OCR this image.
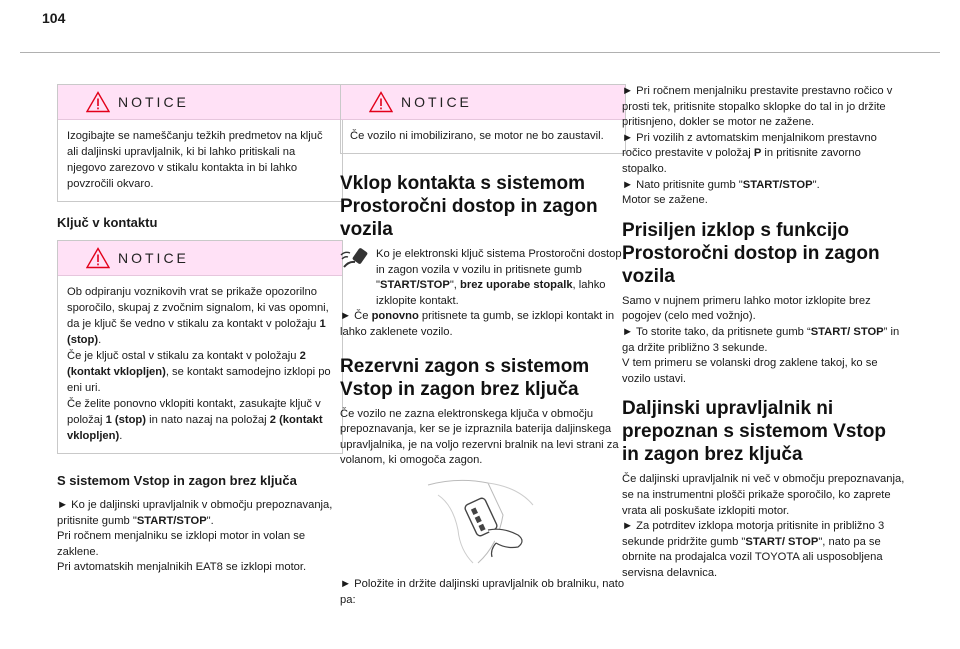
104
NOTICE
Izogibajte se nameščanju težkih predmetov na ključ ali daljinski upravljalnik, ki bi lahko pritiskali na njegovo zarezovo v stikalu kontakta in bi lahko povzročili okvaro.
Ključ v kontaktu
NOTICE
Ob odpiranju voznikovih vrat se prikaže opozorilno sporočilo, skupaj z zvočnim signalom, ki vas opomni, da je ključ še vedno v stikalu za kontakt v položaju 1 (stop).
Če je ključ ostal v stikalu za kontakt v položaju 2 (kontakt vklopljen), se kontakt samodejno izklopi po eni uri.
Če želite ponovno vklopiti kontakt, zasukajte ključ v položaj 1 (stop) in nato nazaj na položaj 2 (kontakt vklopljen).
S sistemom Vstop in zagon brez ključa

► Ko je daljinski upravljalnik v območju prepoznavanja, pritisnite gumb "START/STOP".

Pri ročnem menjalniku se izklopi motor in volan se zaklene.

Pri avtomatskih menjalnikih EAT8 se izklopi motor.

NOTICE
Če vozilo ni imobilizirano, se motor ne bo zaustavil.
Vklop kontakta s sistemom Prostoročni dostop in zagon vozila

Ko je elektronski ključ sistema Prostoročni dostop in zagon vozila v vozilu in pritisnete gumb "START/STOP", brez uporabe stopalk, lahko izklopite kontakt.

► Če ponovno pritisnete ta gumb, se izklopi kontakt in lahko zaklenete vozilo.

Rezervni zagon s sistemom Vstop in zagon brez ključa

Če vozilo ne zazna elektronskega ključa v območju prepoznavanja, ker se je izpraznila baterija daljinskega upravljalnika, je na voljo rezervni bralnik na levi strani za volanom, ki omogoča zagon.

► Položite in držite daljinski upravljalnik ob bralniku, nato pa:

► Pri ročnem menjalniku prestavite prestavno ročico v prosti tek, pritisnite stopalko sklopke do tal in jo držite pritisnjeno, dokler se motor ne zažene.

► Pri vozilih z avtomatskim menjalnikom prestavno ročico prestavite v položaj P in pritisnite zavorno stopalko.

► Nato pritisnite gumb "START/STOP".

Motor se zažene.

Prisiljen izklop s funkcijo Prostoročni dostop in zagon vozila

Samo v nujnem primeru lahko motor izklopite brez pogojev (celo med vožnjo).

► To storite tako, da pritisnete gumb “START/ STOP” in ga držite približno 3 sekunde.

V tem primeru se volanski drog zaklene takoj, ko se vozilo ustavi.

Daljinski upravljalnik ni prepoznan s sistemom Vstop in zagon brez ključa

Če daljinski upravljalnik ni več v območju prepoznavanja, se na instrumentni plošči prikaže sporočilo, ko zaprete vrata ali poskušate izklopiti motor.

► Za potrditev izklopa motorja pritisnite in približno 3 sekunde pridržite gumb "START/ STOP", nato pa se obrnite na prodajalca vozil TOYOTA ali usposobljena servisna delavnica.
